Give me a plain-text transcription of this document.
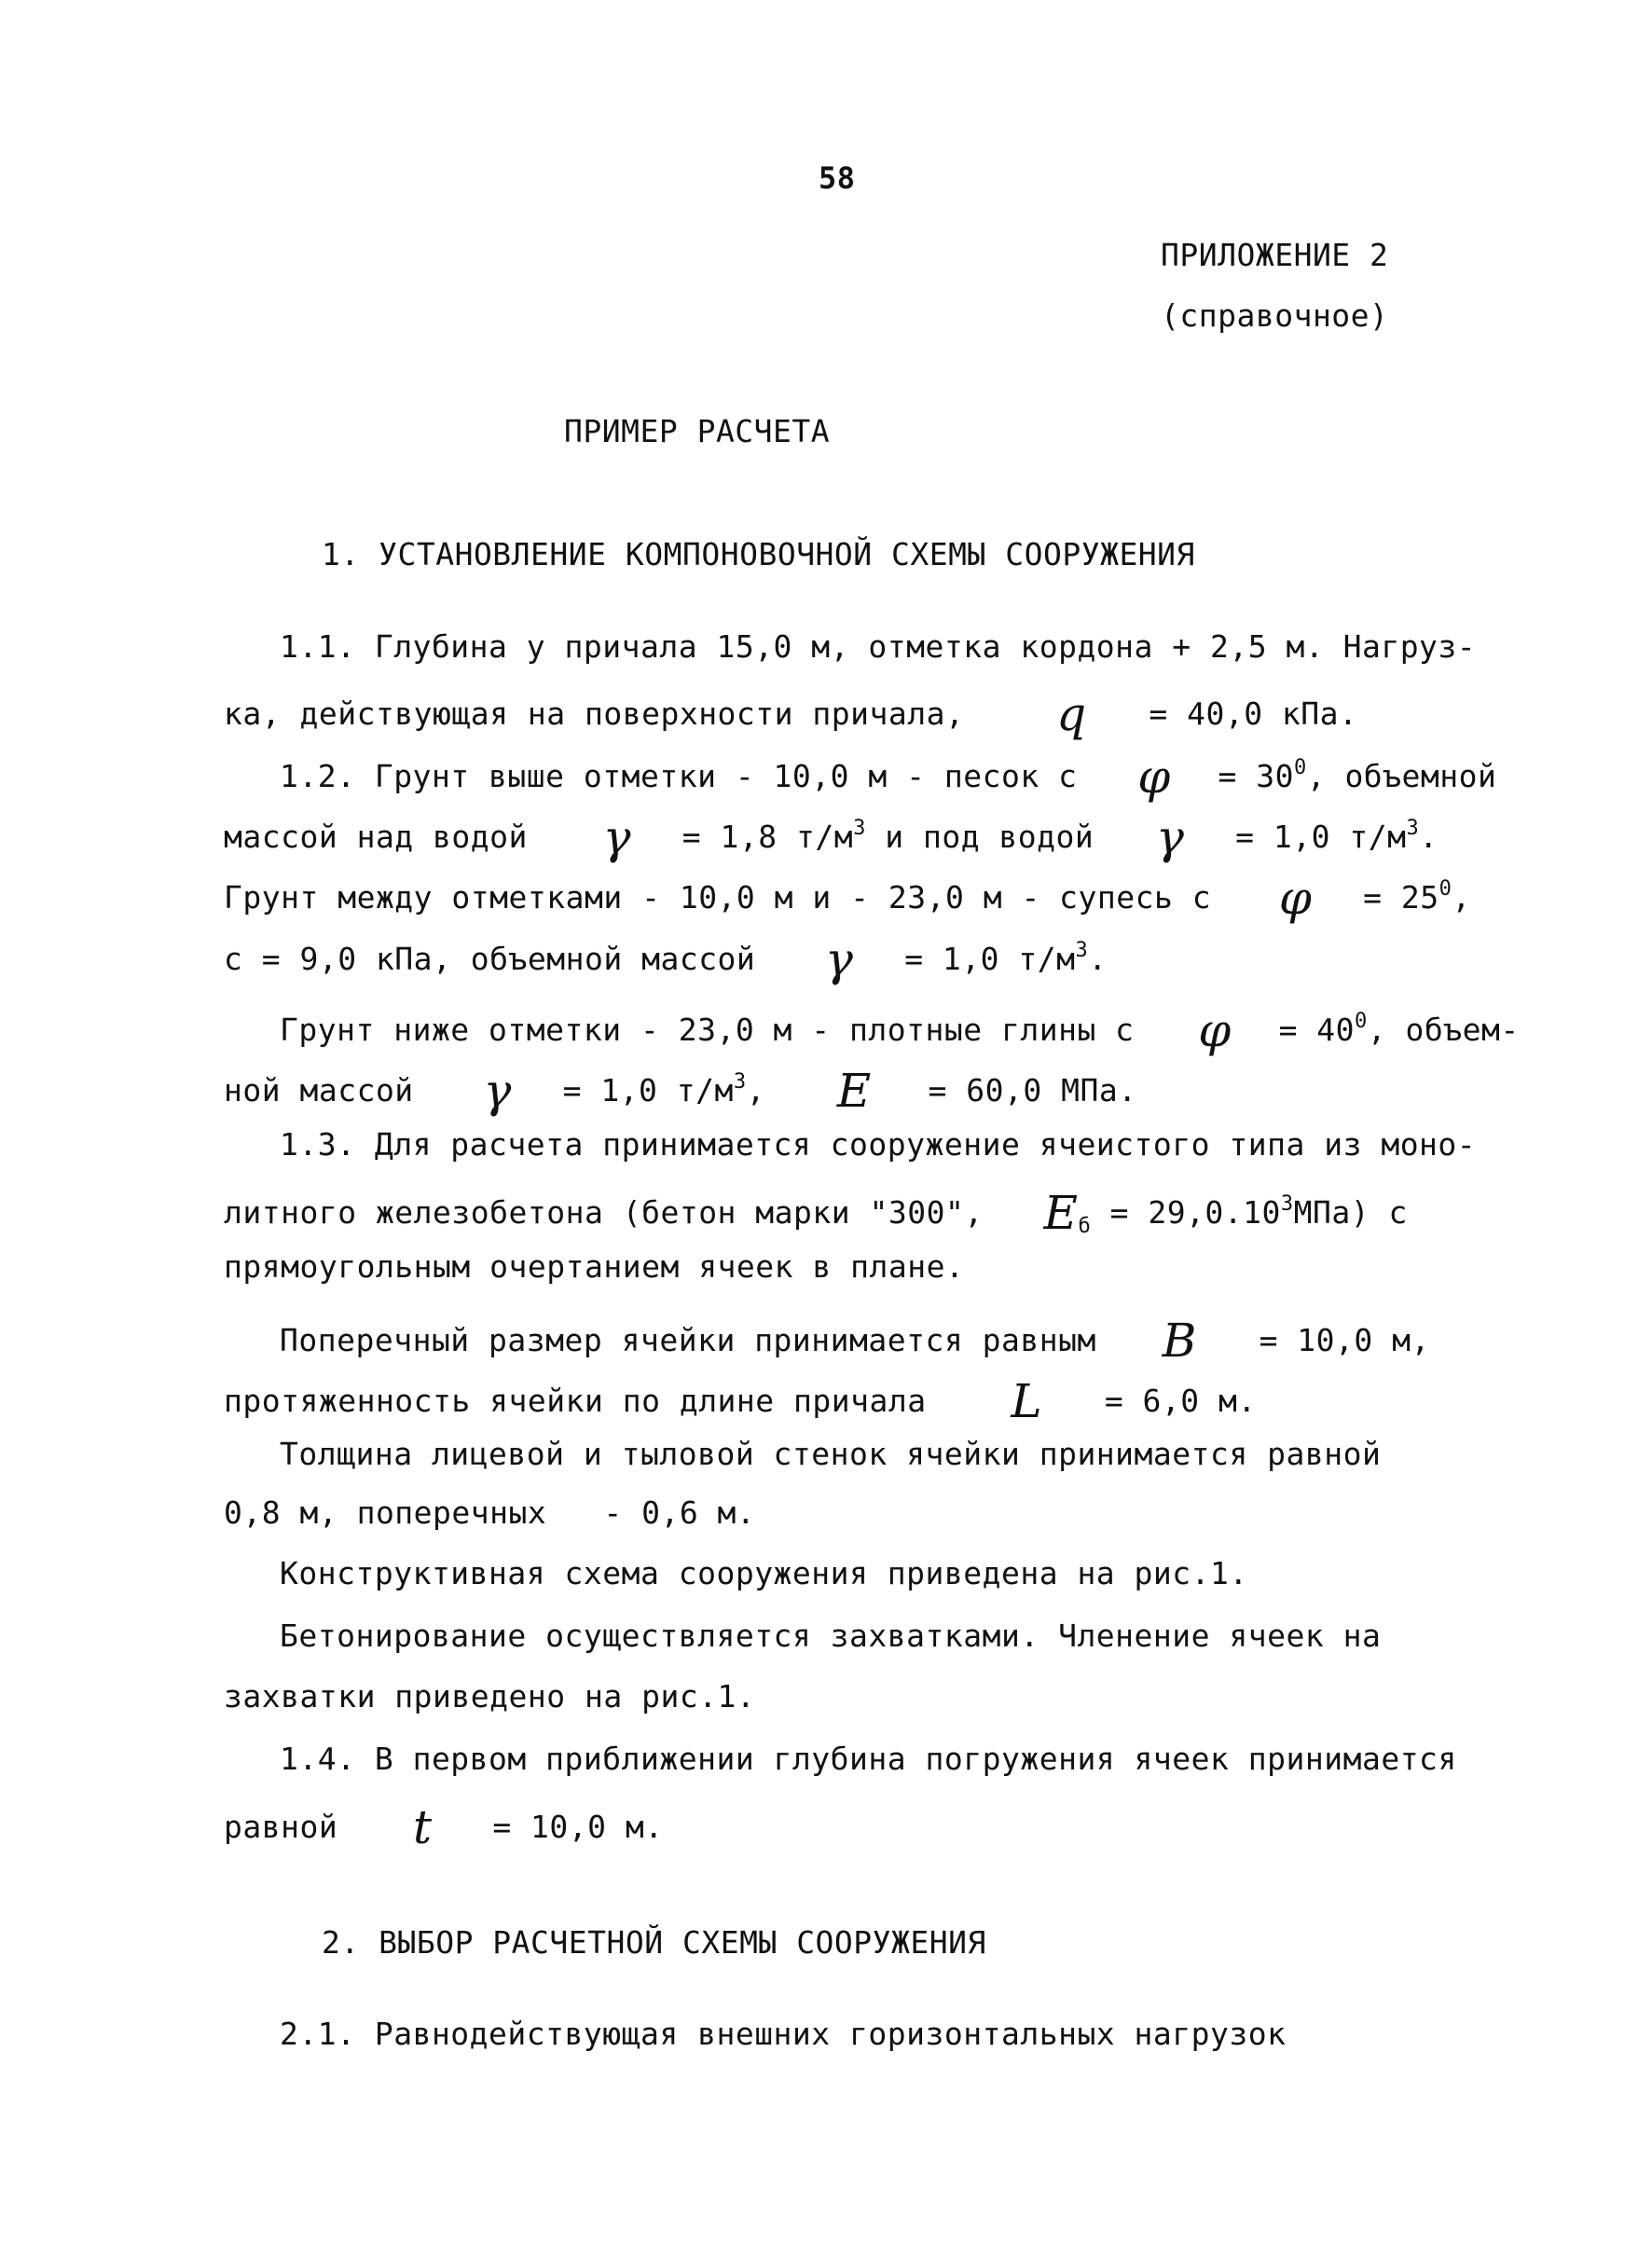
58
ПРИЛОЖЕНИЕ 2
(справочное)
ПРИМЕР РАСЧЕТА
1. УСТАНОВЛЕНИЕ КОМПОНОВОЧНОЙ СХЕМЫ СООРУЖЕНИЯ
1.1. Глубина у причала 15,0 м, отметка кордона + 2,5 м. Нагруз-
ка, действующая на поверхности причала, q = 40,0 кПа.
1.2. Грунт выше отметки - 10,0 м - песок с $\varphi = 30^0$, объемной
массой над водой γ = 1,8 $т/м^3$ и под водой γ = 1,0 $т/м^3$.
Грунт между отметками - 10,0 м и - 23,0 м - супесь с $\varphi = 25^0$,
с = 9,0 кПа, объемной массой γ = 1,0 $т/м^3$.
Грунт ниже отметки - 23,0 м - плотные глины с $\varphi = 40^0$, объем-
ной массой γ = 1,0 $т/м^3$, E = 60,0 МПа.
1.3. Для расчета принимается сооружение ячеистого типа из моно-
литного железобетона (бетон марки "300", $E_б = 29,0.10^3МПа$) с
прямоугольным очертанием ячеек в плане.
Поперечный размер ячейки принимается равным B = 10,0 м,
протяженность ячейки по длине причала L = 6,0 м.
Толщина лицевой и тыловой стенок ячейки принимается равной
0,8 м, поперечных   - 0,6 м.
Конструктивная схема сооружения приведена на рис.1.
Бетонирование осуществляется захватками. Членение ячеек на
захватки приведено на рис.1.
1.4. В первом приближении глубина погружения ячеек принимается
равной t = 10,0 м.
2. ВЫБОР РАСЧЕТНОЙ СХЕМЫ СООРУЖЕНИЯ
2.1. Равнодействующая внешних горизонтальных нагрузок
